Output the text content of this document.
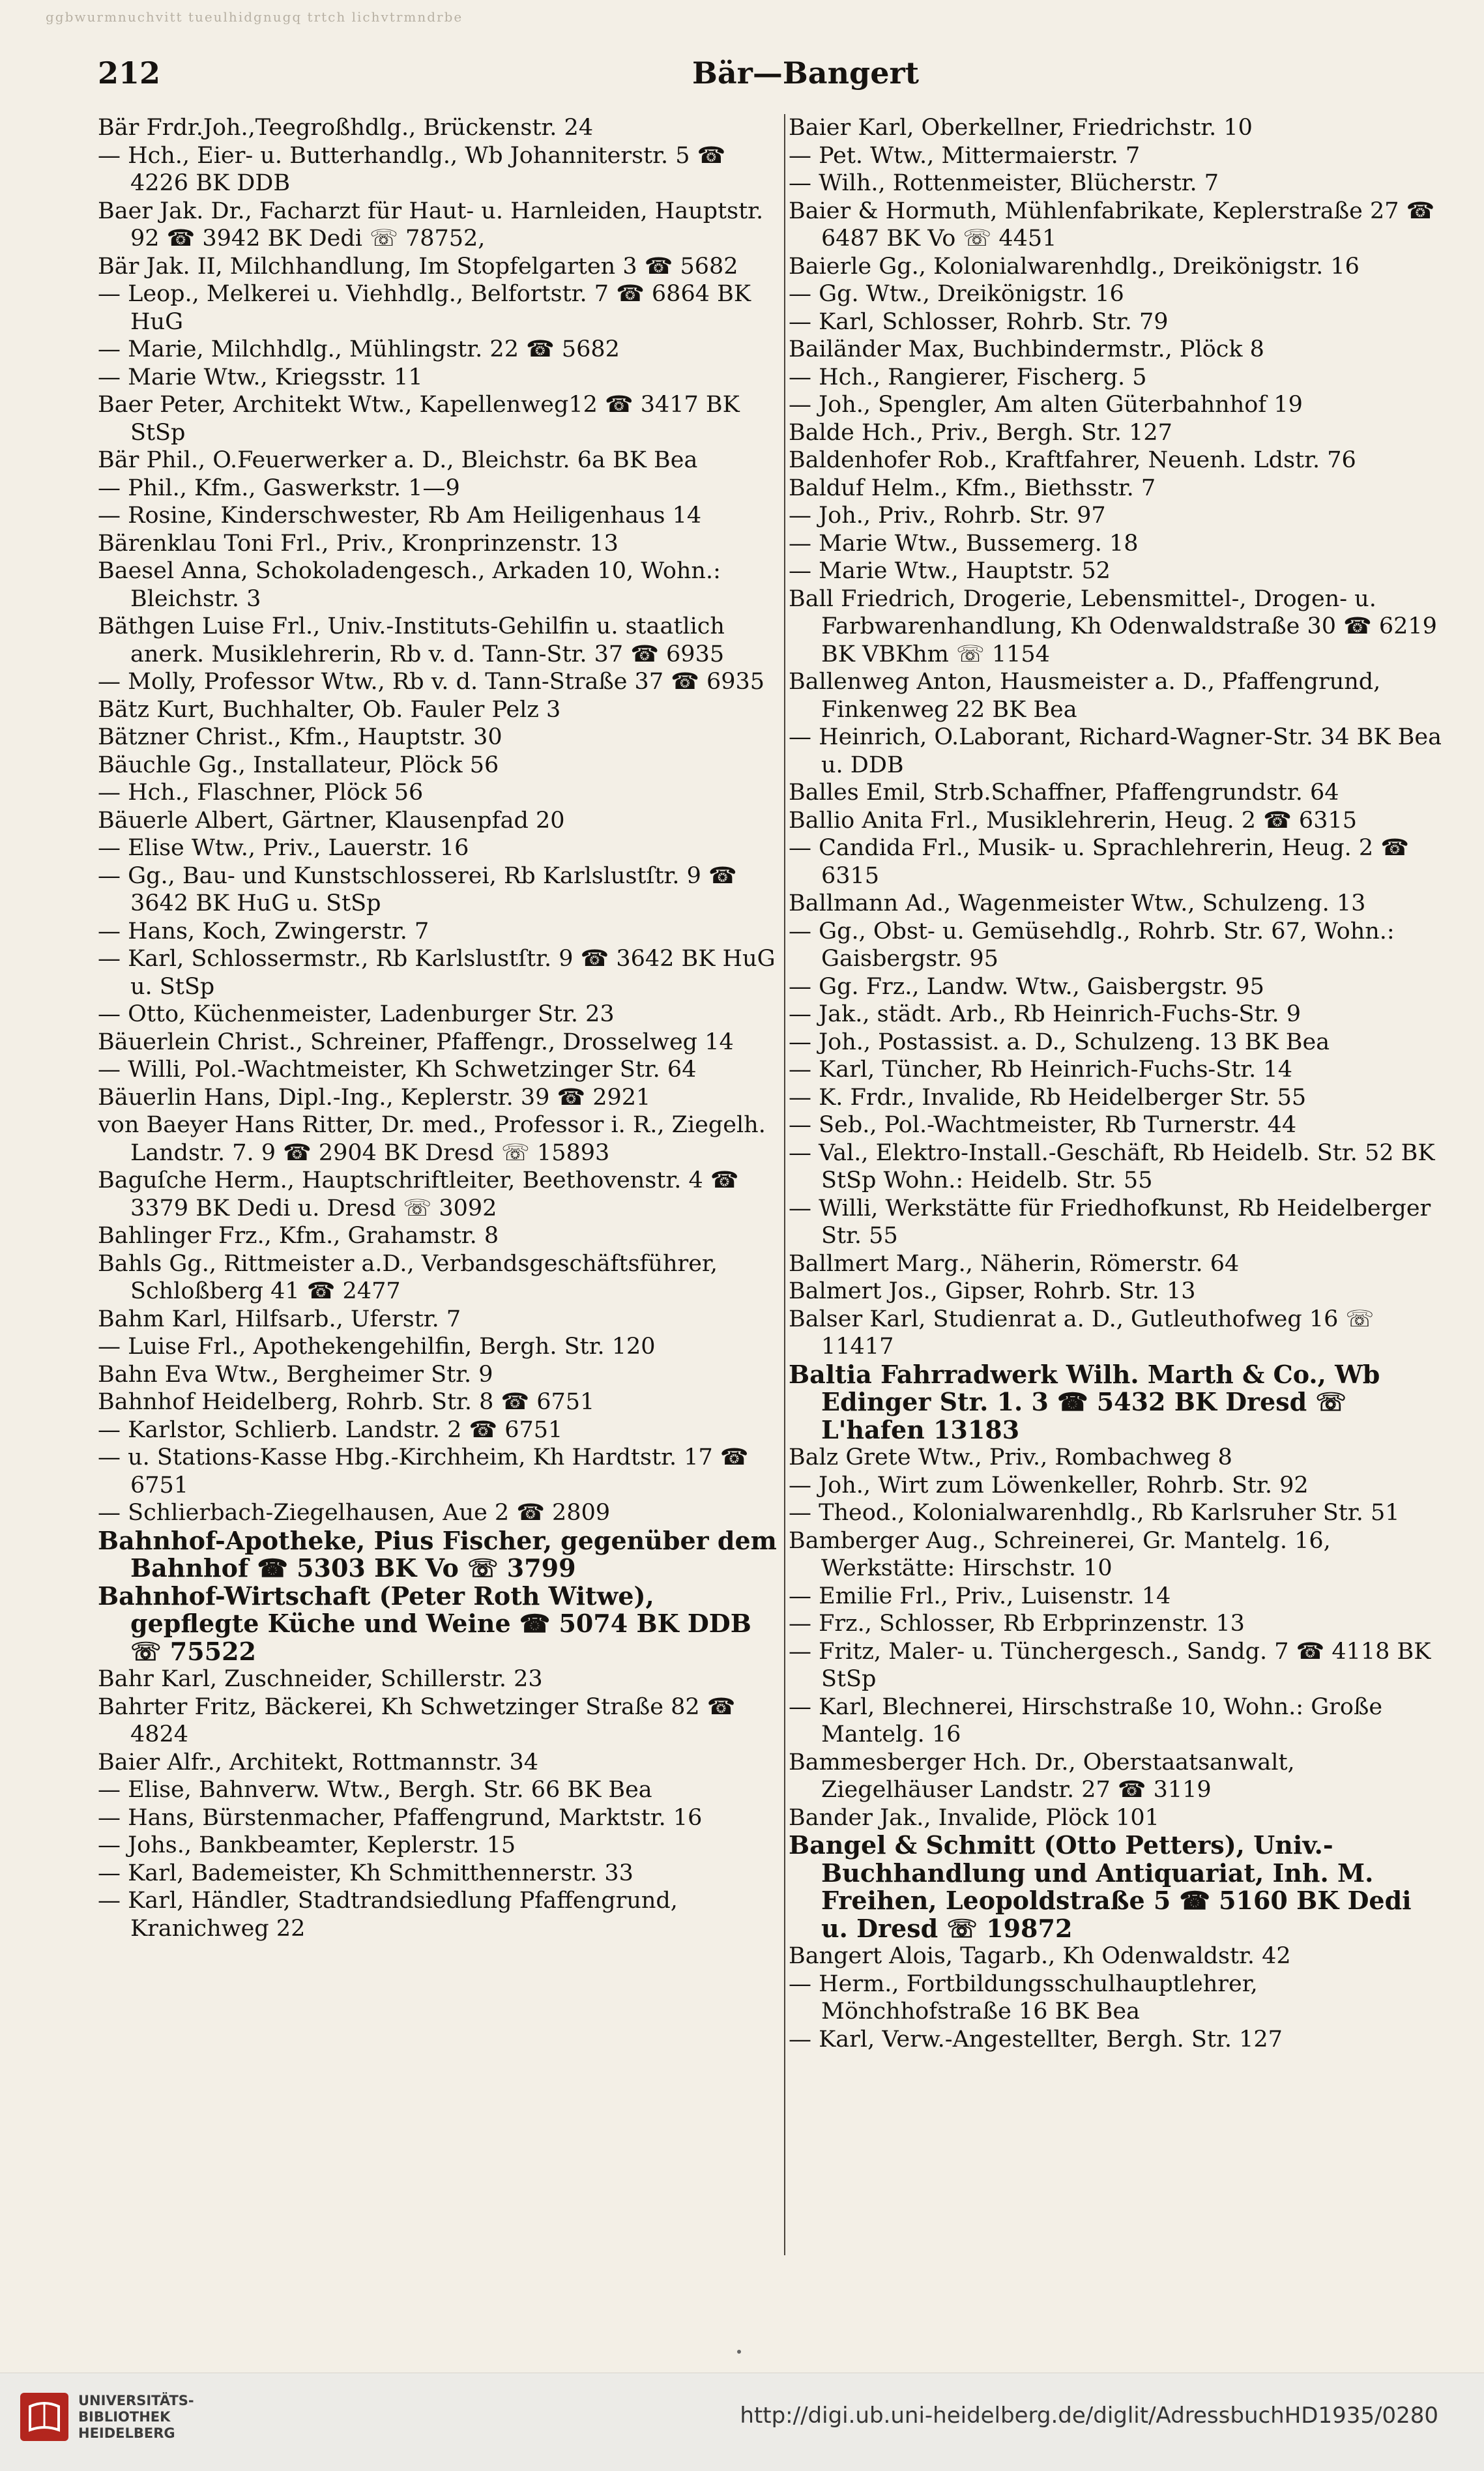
ggbwurmnuchvitt tueulhidgnugq trtch lichvtrmndrbe
212	Bär—Bangert
Bär Frdr.Joh.,Teegroßhdlg., Brückenstr. 24
— Hch., Eier- u. Butterhandlg., Wb Johanniterstr. 5 ☎ 4226 BK DDB
Baer Jak. Dr., Facharzt für Haut- u. Harnleiden, Hauptstr. 92 ☎ 3942 BK Dedi ☏ 78752,
Bär Jak. II, Milchhandlung, Im Stopfelgarten 3 ☎ 5682
— Leop., Melkerei u. Viehhdlg., Belfortstr. 7 ☎ 6864 BK HuG
— Marie, Milchhdlg., Mühlingstr. 22 ☎ 5682
— Marie Wtw., Kriegsstr. 11
Baer Peter, Architekt Wtw., Kapellenweg12 ☎ 3417 BK StSp
Bär Phil., O.Feuerwerker a. D., Bleichstr. 6a BK Bea
— Phil., Kfm., Gaswerkstr. 1—9
— Rosine, Kinderschwester, Rb Am Heiligenhaus 14
Bärenklau Toni Frl., Priv., Kronprinzenstr. 13
Baesel Anna, Schokoladengesch., Arkaden 10, Wohn.: Bleichstr. 3
Bäthgen Luise Frl., Univ.-Instituts-Gehilfin u. staatlich anerk. Musiklehrerin, Rb v. d. Tann-Str. 37 ☎ 6935
— Molly, Professor Wtw., Rb v. d. Tann-Straße 37 ☎ 6935
Bätz Kurt, Buchhalter, Ob. Fauler Pelz 3
Bätzner Christ., Kfm., Hauptstr. 30
Bäuchle Gg., Installateur, Plöck 56
— Hch., Flaschner, Plöck 56
Bäuerle Albert, Gärtner, Klausenpfad 20
— Elise Wtw., Priv., Lauerstr. 16
— Gg., Bau- und Kunstschlosserei, Rb Karlslustſtr. 9 ☎ 3642 BK HuG u. StSp
— Hans, Koch, Zwingerstr. 7
— Karl, Schlossermstr., Rb Karlslustſtr. 9 ☎ 3642 BK HuG u. StSp
— Otto, Küchenmeister, Ladenburger Str. 23
Bäuerlein Christ., Schreiner, Pfaffengr., Drosselweg 14
— Willi, Pol.-Wachtmeister, Kh Schwetzinger Str. 64
Bäuerlin Hans, Dipl.-Ing., Keplerstr. 39 ☎ 2921
von Baeyer Hans Ritter, Dr. med., Professor i. R., Ziegelh. Landstr. 7. 9 ☎ 2904 BK Dresd ☏ 15893
Baguſche Herm., Hauptschriftleiter, Beethovenstr. 4 ☎ 3379 BK Dedi u. Dresd ☏ 3092
Bahlinger Frz., Kfm., Grahamstr. 8
Bahls Gg., Rittmeister a.D., Verbandsgeschäftsführer, Schloßberg 41 ☎ 2477
Bahm Karl, Hilfsarb., Uferstr. 7
— Luise Frl., Apothekengehilfin, Bergh. Str. 120
Bahn Eva Wtw., Bergheimer Str. 9
Bahnhof Heidelberg, Rohrb. Str. 8 ☎ 6751
— Karlstor, Schlierb. Landstr. 2 ☎ 6751
— u. Stations-Kasse Hbg.-Kirchheim, Kh Hardtstr. 17 ☎ 6751
— Schlierbach-Ziegelhausen, Aue 2 ☎ 2809
Bahnhof-Apotheke, Pius Fischer, gegenüber dem Bahnhof ☎ 5303 BK Vo ☏ 3799
Bahnhof-Wirtschaft (Peter Roth Witwe), gepflegte Küche und Weine ☎ 5074 BK DDB ☏ 75522
Bahr Karl, Zuschneider, Schillerstr. 23
Bahrter Fritz, Bäckerei, Kh Schwetzinger Straße 82 ☎ 4824
Baier Alfr., Architekt, Rottmannstr. 34
— Elise, Bahnverw. Wtw., Bergh. Str. 66 BK Bea
— Hans, Bürstenmacher, Pfaffengrund, Marktstr. 16
— Johs., Bankbeamter, Keplerstr. 15
— Karl, Bademeister, Kh Schmitthennerstr. 33
— Karl, Händler, Stadtrandsiedlung Pfaffengrund, Kranichweg 22
Baier Karl, Oberkellner, Friedrichstr. 10
— Pet. Wtw., Mittermaierstr. 7
— Wilh., Rottenmeister, Blücherstr. 7
Baier & Hormuth, Mühlenfabrikate, Keplerstraße 27 ☎ 6487 BK Vo ☏ 4451
Baierle Gg., Kolonialwarenhdlg., Dreikönigstr. 16
— Gg. Wtw., Dreikönigstr. 16
— Karl, Schlosser, Rohrb. Str. 79
Bailänder Max, Buchbindermstr., Plöck 8
— Hch., Rangierer, Fischerg. 5
— Joh., Spengler, Am alten Güterbahnhof 19
Balde Hch., Priv., Bergh. Str. 127
Baldenhofer Rob., Kraftfahrer, Neuenh. Ldstr. 76
Balduf Helm., Kfm., Biethsstr. 7
— Joh., Priv., Rohrb. Str. 97
— Marie Wtw., Bussemerg. 18
— Marie Wtw., Hauptstr. 52
Ball Friedrich, Drogerie, Lebensmittel-, Drogen- u. Farbwarenhandlung, Kh Odenwaldstraße 30 ☎ 6219 BK VBKhm ☏ 1154
Ballenweg Anton, Hausmeister a. D., Pfaffengrund, Finkenweg 22 BK Bea
— Heinrich, O.Laborant, Richard-Wagner-Str. 34 BK Bea u. DDB
Balles Emil, Strb.Schaffner, Pfaffengrundstr. 64
Ballio Anita Frl., Musiklehrerin, Heug. 2 ☎ 6315
— Candida Frl., Musik- u. Sprachlehrerin, Heug. 2 ☎ 6315
Ballmann Ad., Wagenmeister Wtw., Schulzeng. 13
— Gg., Obst- u. Gemüsehdlg., Rohrb. Str. 67, Wohn.: Gaisbergstr. 95
— Gg. Frz., Landw. Wtw., Gaisbergstr. 95
— Jak., städt. Arb., Rb Heinrich-Fuchs-Str. 9
— Joh., Postassist. a. D., Schulzeng. 13 BK Bea
— Karl, Tüncher, Rb Heinrich-Fuchs-Str. 14
— K. Frdr., Invalide, Rb Heidelberger Str. 55
— Seb., Pol.-Wachtmeister, Rb Turnerstr. 44
— Val., Elektro-Install.-Geschäft, Rb Heidelb. Str. 52 BK StSp Wohn.: Heidelb. Str. 55
— Willi, Werkstätte für Friedhofkunst, Rb Heidelberger Str. 55
Ballmert Marg., Näherin, Römerstr. 64
Balmert Jos., Gipser, Rohrb. Str. 13
Balser Karl, Studienrat a. D., Gutleuthofweg 16 ☏ 11417
Baltia Fahrradwerk Wilh. Marth & Co., Wb Edinger Str. 1. 3 ☎ 5432 BK Dresd ☏ L'hafen 13183
Balz Grete Wtw., Priv., Rombachweg 8
— Joh., Wirt zum Löwenkeller, Rohrb. Str. 92
— Theod., Kolonialwarenhdlg., Rb Karlsruher Str. 51
Bamberger Aug., Schreinerei, Gr. Mantelg. 16, Werkstätte: Hirschstr. 10
— Emilie Frl., Priv., Luisenstr. 14
— Frz., Schlosser, Rb Erbprinzenstr. 13
— Fritz, Maler- u. Tünchergesch., Sandg. 7 ☎ 4118 BK StSp
— Karl, Blechnerei, Hirschstraße 10, Wohn.: Große Mantelg. 16
Bammesberger Hch. Dr., Oberstaatsanwalt, Ziegelhäuser Landstr. 27 ☎ 3119
Bander Jak., Invalide, Plöck 101
Bangel & Schmitt (Otto Petters), Univ.-Buchhandlung und Antiquariat, Inh. M. Freihen, Leopoldstraße 5 ☎ 5160 BK Dedi u. Dresd ☏ 19872
Bangert Alois, Tagarb., Kh Odenwaldstr. 42
— Herm., Fortbildungsschulhauptlehrer, Mönchhofstraße 16 BK Bea
— Karl, Verw.-Angestellter, Bergh. Str. 127
UNIVERSITÄTS-
BIBLIOTHEK
HEIDELBERG
http://digi.ub.uni-heidelberg.de/diglit/AdressbuchHD1935/0280
